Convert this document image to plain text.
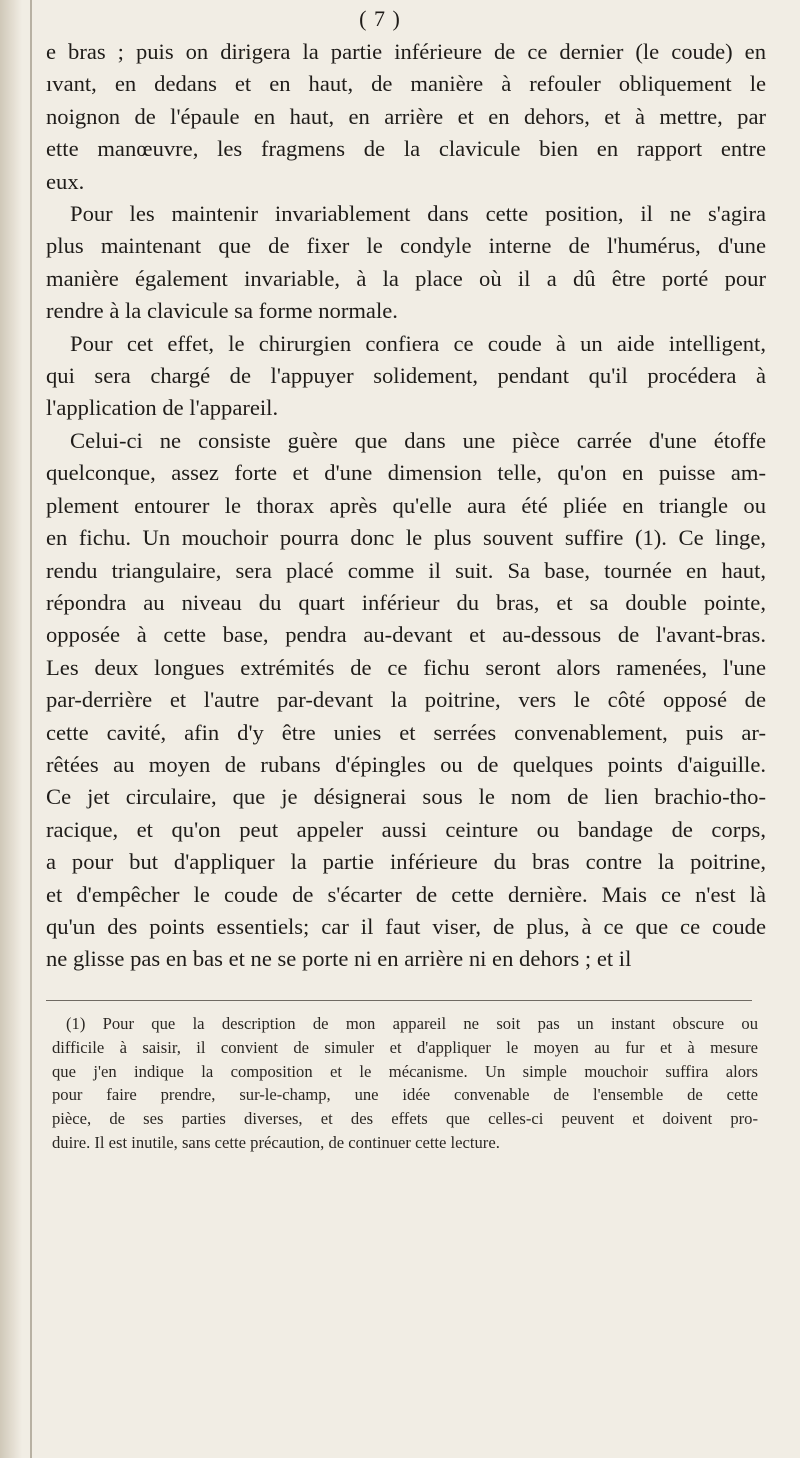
( 7 )

e bras ; puis on dirigera la partie inférieure de ce dernier (le coude) en

ıvant, en dedans et en haut, de manière à refouler obliquement le

noignon de l'épaule en haut, en arrière et en dehors, et à mettre, par

ette manœuvre, les fragmens de la clavicule bien en rapport entre

eux.

Pour les maintenir invariablement dans cette position, il ne s'agira

plus maintenant que de fixer le condyle interne de l'humérus, d'une

manière également invariable, à la place où il a dû être porté pour

rendre à la clavicule sa forme normale.

Pour cet effet, le chirurgien confiera ce coude à un aide intelligent,

qui sera chargé de l'appuyer solidement, pendant qu'il procédera à

l'application de l'appareil.

Celui-ci ne consiste guère que dans une pièce carrée d'une étoffe

quelconque, assez forte et d'une dimension telle, qu'on en puisse am-

plement entourer le thorax après qu'elle aura été pliée en triangle ou

en fichu. Un mouchoir pourra donc le plus souvent suffire (1). Ce linge,

rendu triangulaire, sera placé comme il suit. Sa base, tournée en haut,

répondra au niveau du quart inférieur du bras, et sa double pointe,

opposée à cette base, pendra au-devant et au-dessous de l'avant-bras.

Les deux longues extrémités de ce fichu seront alors ramenées, l'une

par-derrière et l'autre par-devant la poitrine, vers le côté opposé de

cette cavité, afin d'y être unies et serrées convenablement, puis ar-

rêtées au moyen de rubans d'épingles ou de quelques points d'aiguille.

Ce jet circulaire, que je désignerai sous le nom de lien brachio-tho-

racique, et qu'on peut appeler aussi ceinture ou bandage de corps,

a pour but d'appliquer la partie inférieure du bras contre la poitrine,

et d'empêcher le coude de s'écarter de cette dernière. Mais ce n'est là

qu'un des points essentiels; car il faut viser, de plus, à ce que ce coude

ne glisse pas en bas et ne se porte ni en arrière ni en dehors ; et il

(1) Pour que la description de mon appareil ne soit pas un instant obscure ou

difficile à saisir, il convient de simuler et d'appliquer le moyen au fur et à mesure

que j'en indique la composition et le mécanisme. Un simple mouchoir suffira alors

pour faire prendre, sur-le-champ, une idée convenable de l'ensemble de cette

pièce, de ses parties diverses, et des effets que celles-ci peuvent et doivent pro-

duire. Il est inutile, sans cette précaution, de continuer cette lecture.
